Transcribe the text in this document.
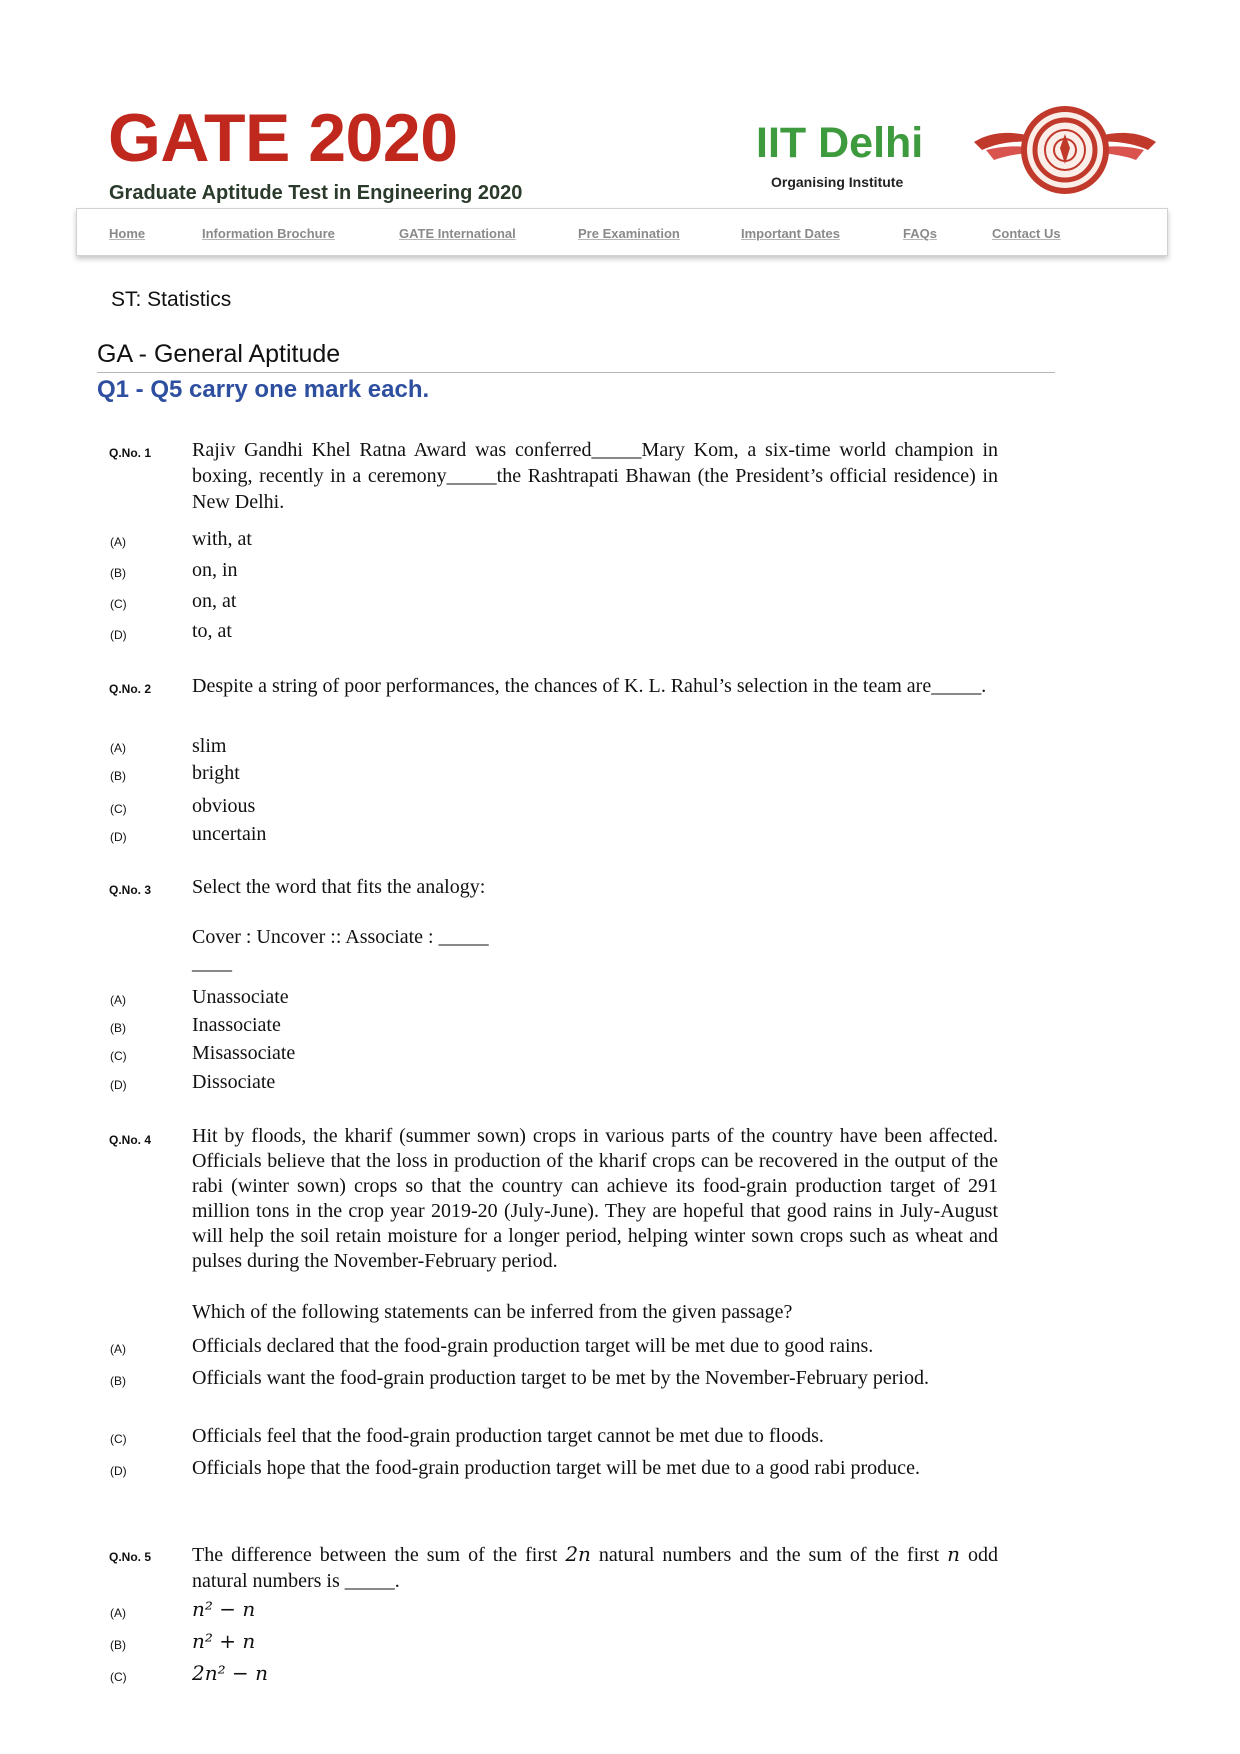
GATE 2020
Graduate Aptitude Test in Engineering 2020
IIT Delhi
Organising Institute
Home	Information Brochure	GATE International	Pre Examination	Important Dates	FAQs	Contact Us
ST: Statistics
GA - General Aptitude
Q1 - Q5 carry one mark each.
Q.No. 1 Rajiv Gandhi Khel Ratna Award was conferred_____Mary Kom, a six-time world champion in boxing, recently in a ceremony_____the Rashtrapati Bhawan (the President’s official residence) in New Delhi.
(A)	with, at
(B)	on, in
(C)	on, at
(D)	to, at
Q.No. 2 Despite a string of poor performances, the chances of K. L. Rahul’s selection in the team are_____.
(A)	slim
(B)	bright
(C)	obvious
(D)	uncertain
Q.No. 3 Select the word that fits the analogy:
Cover : Uncover :: Associate : _____
____
(A)	Unassociate
(B)	Inassociate
(C)	Misassociate
(D)	Dissociate
Q.No. 4 Hit by floods, the kharif (summer sown) crops in various parts of the country have been affected. Officials believe that the loss in production of the kharif crops can be recovered in the output of the rabi (winter sown) crops so that the country can achieve its food-grain production target of 291 million tons in the crop year 2019-20 (July-June). They are hopeful that good rains in July-August will help the soil retain moisture for a longer period, helping winter sown crops such as wheat and pulses during the November-February period.
Which of the following statements can be inferred from the given passage?
(A)	Officials declared that the food-grain production target will be met due to good rains.
(B)	Officials want the food-grain production target to be met by the November-February period.
(C)	Officials feel that the food-grain production target cannot be met due to floods.
(D)	Officials hope that the food-grain production target will be met due to a good rabi produce.
Q.No. 5 The difference between the sum of the first 2n natural numbers and the sum of the first n odd natural numbers is _____.
(A)	n² − n
(B)	n² + n
(C)	2n² − n
